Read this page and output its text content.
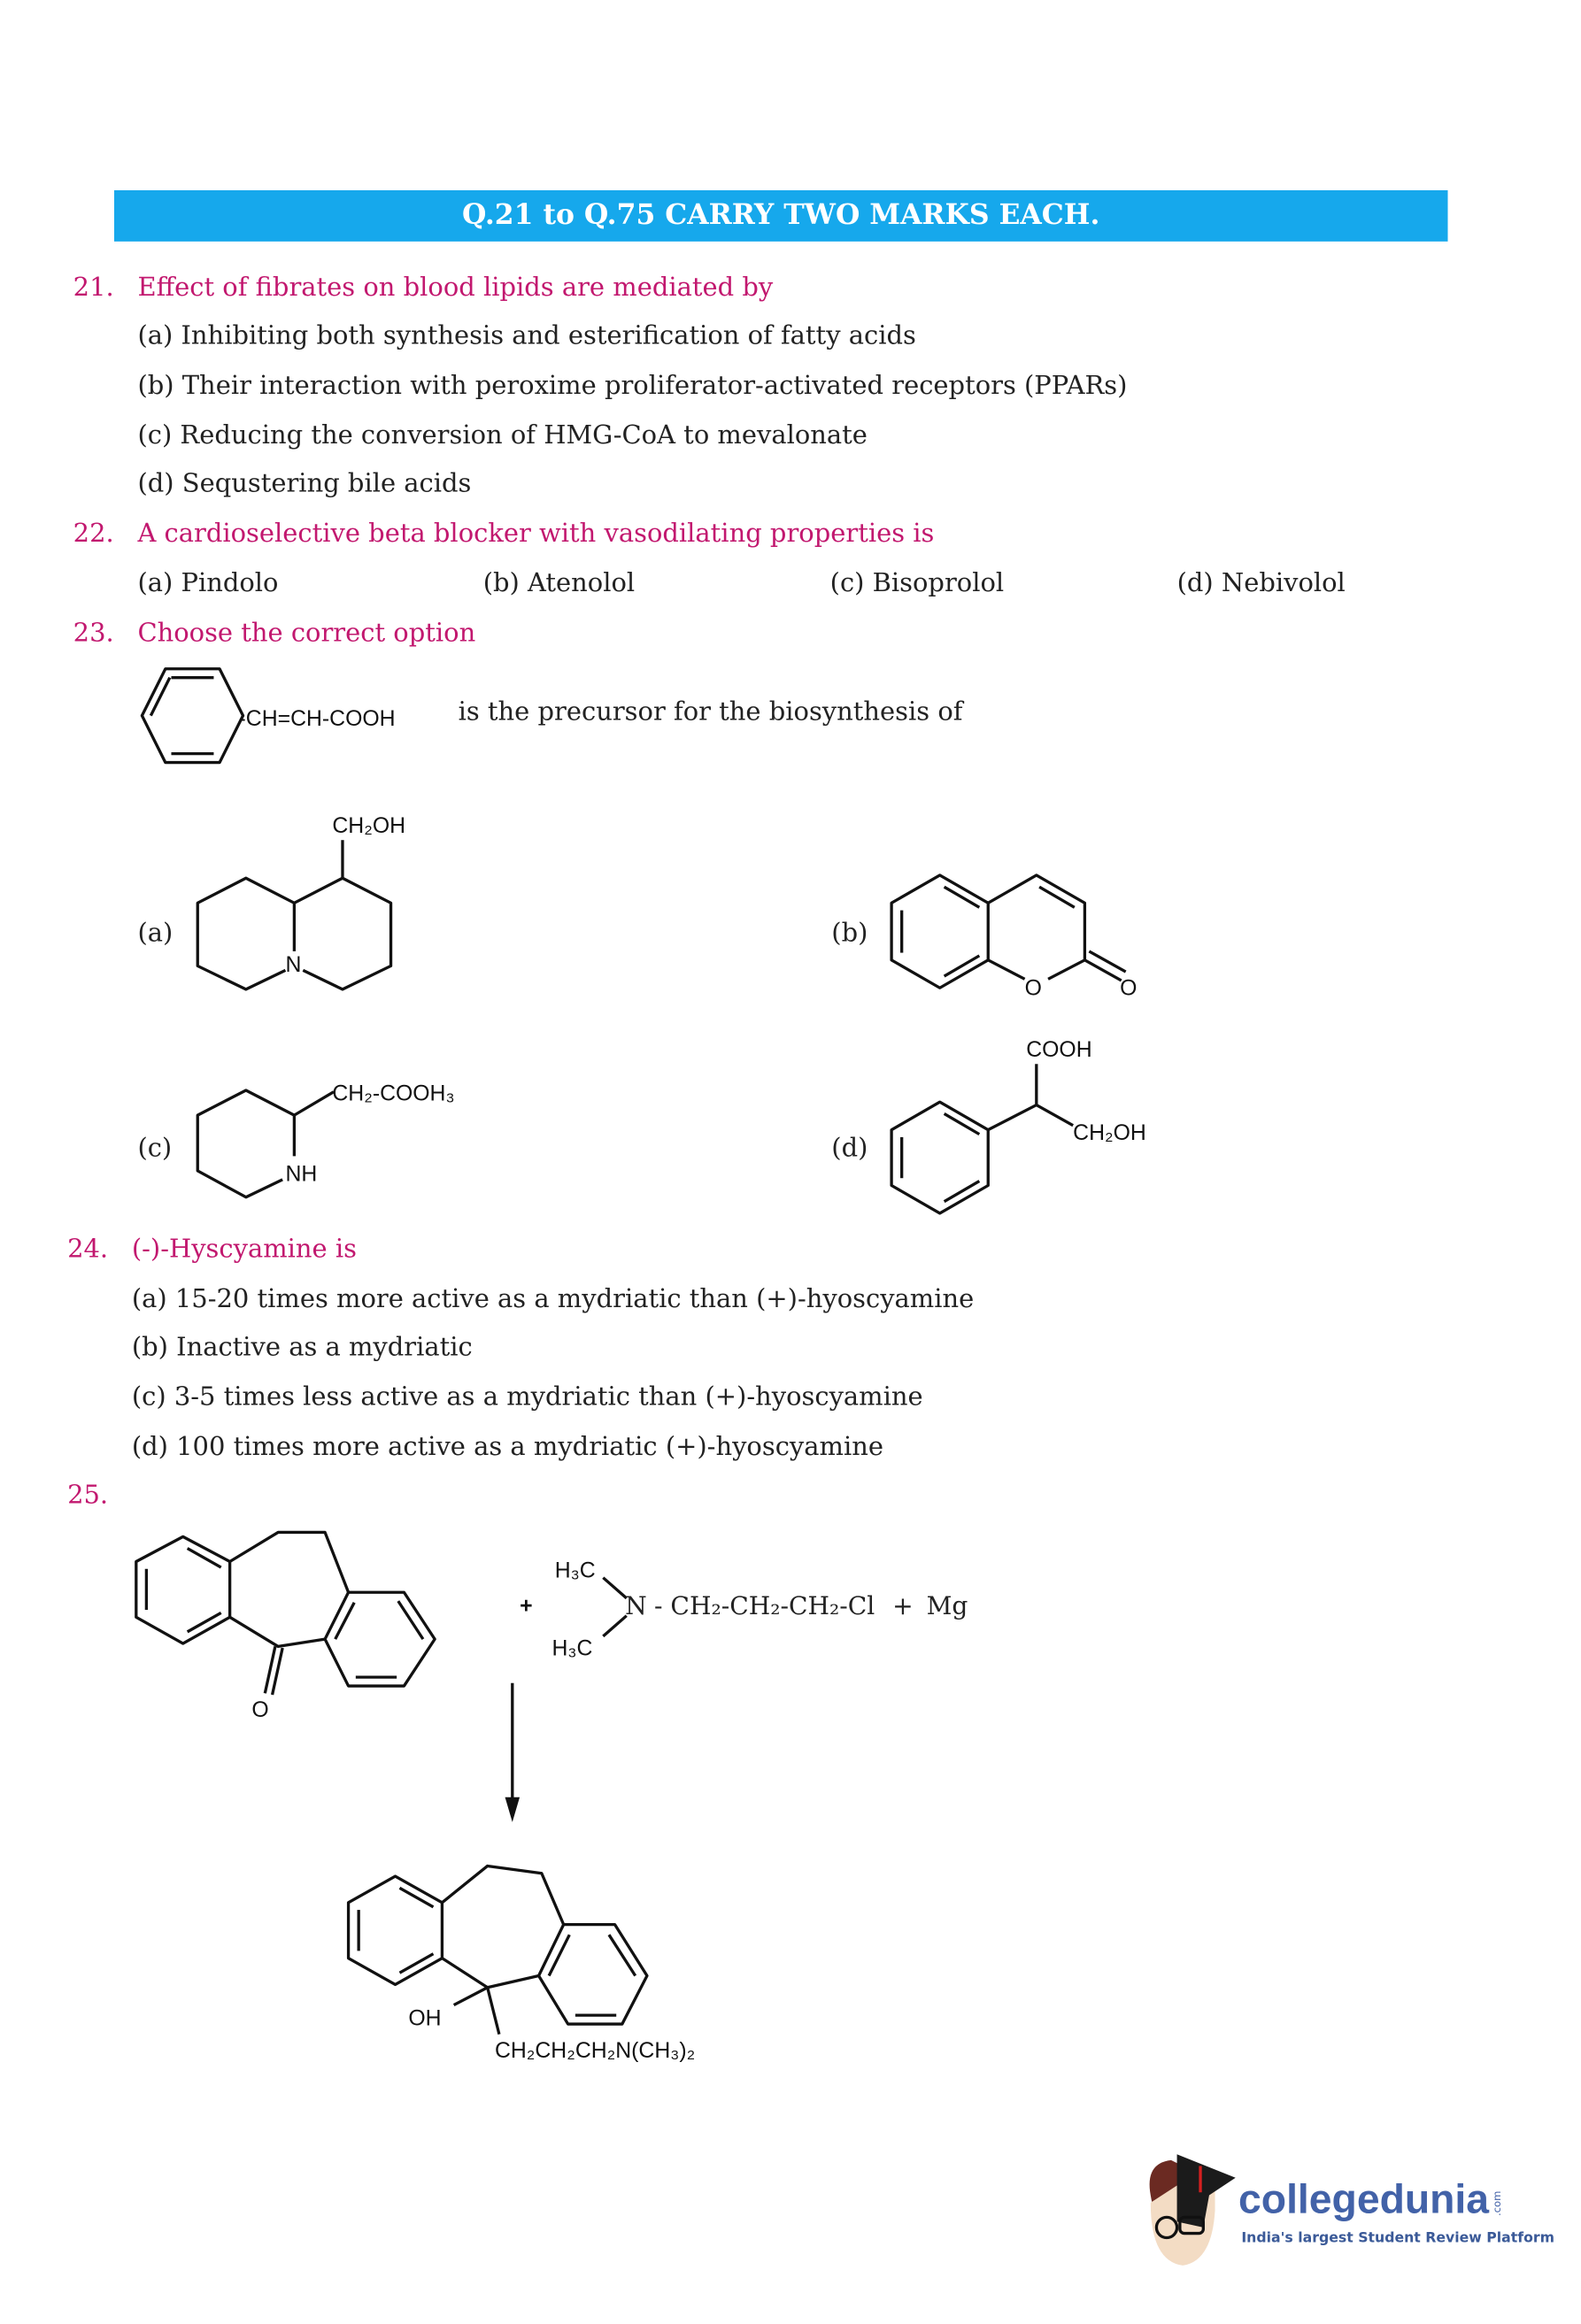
Q.21 to Q.75 CARRY TWO MARKS EACH.
21. Effect of fibrates on blood lipids are mediated by
(a) Inhibiting both synthesis and esterification of fatty acids
(b) Their interaction with peroxime proliferator-activated receptors (PPARs)
(c) Reducing the conversion of HMG-CoA to mevalonate
(d) Sequstering bile acids
22. A cardioselective beta blocker with vasodilating properties is
(a) Pindolo	(b) Atenolol	(c) Bisoprolol	(d) Nebivolol
23. Choose the correct option
is the precursor for the biosynthesis of
24. (-)-Hyscyamine is
(a) 15-20 times more active as a mydriatic than (+)-hyoscyamine
(b) Inactive as a mydriatic
(c) 3-5 times less active as a mydriatic than (+)-hyoscyamine
(d) 100 times more active as a mydriatic (+)-hyoscyamine
25.
-CH=CH-COOH
(a)
CH₂OH
N
(b)
O	O
(c)
CH₂-COOH₃
NH
(d)
COOH
CH₂OH
O
+
H₃C
H₃C
N - CH₂-CH₂-CH₂-Cl + Mg
OH
CH₂CH₂CH₂N(CH₃)₂
collegedunia .com
India's largest Student Review Platform
